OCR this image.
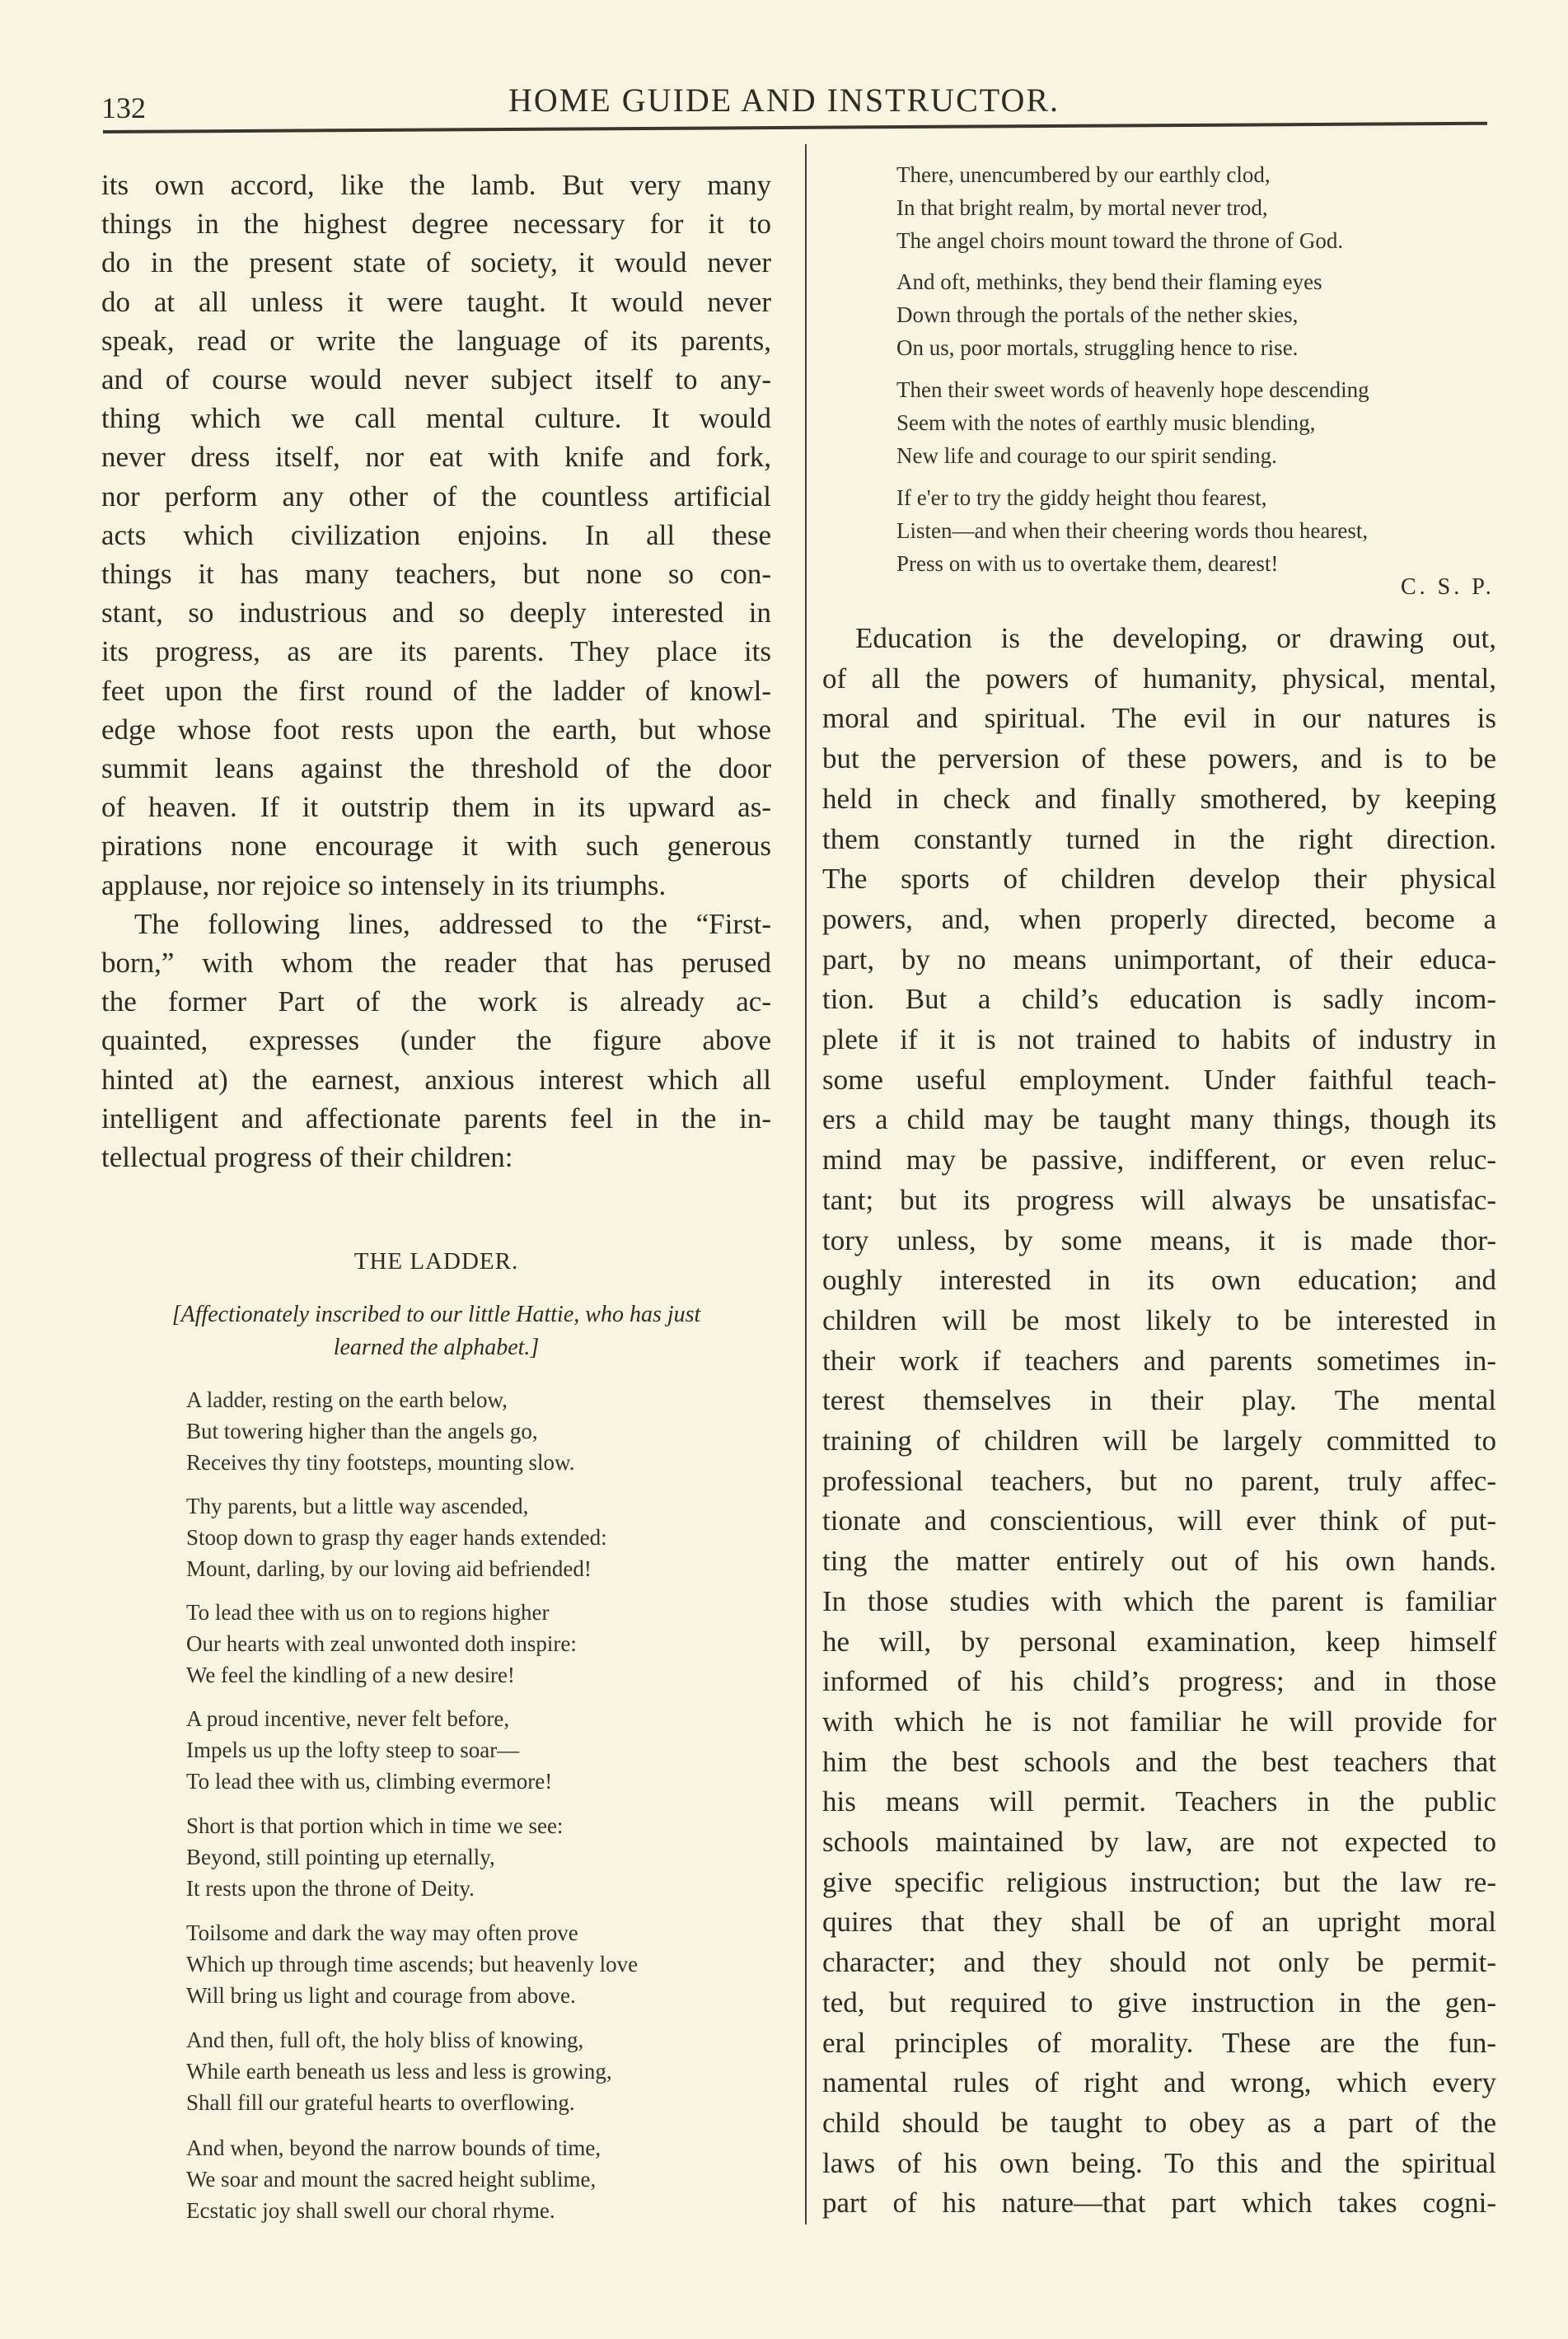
132	HOME GUIDE AND INSTRUCTOR.
its own accord, like the lamb. But very many
things in the highest degree necessary for it to
do in the present state of society, it would never
do at all unless it were taught. It would never
speak, read or write the language of its parents,
and of course would never subject itself to any-
thing which we call mental culture. It would
never dress itself, nor eat with knife and fork,
nor perform any other of the countless artificial
acts which civilization enjoins. In all these
things it has many teachers, but none so con-
stant, so industrious and so deeply interested in
its progress, as are its parents. They place its
feet upon the first round of the ladder of knowl-
edge whose foot rests upon the earth, but whose
summit leans against the threshold of the door
of heaven. If it outstrip them in its upward as-
pirations none encourage it with such generous
applause, nor rejoice so intensely in its triumphs.
The following lines, addressed to the “First-
born,” with whom the reader that has perused
the former Part of the work is already ac-
quainted, expresses (under the figure above
hinted at) the earnest, anxious interest which all
intelligent and affectionate parents feel in the in-
tellectual progress of their children:
THE LADDER.
[Affectionately inscribed to our little Hattie, who has just
learned the alphabet.]
A ladder, resting on the earth below,
But towering higher than the angels go,
Receives thy tiny footsteps, mounting slow.
Thy parents, but a little way ascended,
Stoop down to grasp thy eager hands extended:
Mount, darling, by our loving aid befriended!
To lead thee with us on to regions higher
Our hearts with zeal unwonted doth inspire:
We feel the kindling of a new desire!
A proud incentive, never felt before,
Impels us up the lofty steep to soar—
To lead thee with us, climbing evermore!
Short is that portion which in time we see:
Beyond, still pointing up eternally,
It rests upon the throne of Deity.
Toilsome and dark the way may often prove
Which up through time ascends; but heavenly love
Will bring us light and courage from above.
And then, full oft, the holy bliss of knowing,
While earth beneath us less and less is growing,
Shall fill our grateful hearts to overflowing.
And when, beyond the narrow bounds of time,
We soar and mount the sacred height sublime,
Ecstatic joy shall swell our choral rhyme.
There, unencumbered by our earthly clod,
In that bright realm, by mortal never trod,
The angel choirs mount toward the throne of God.
And oft, methinks, they bend their flaming eyes
Down through the portals of the nether skies,
On us, poor mortals, struggling hence to rise.
Then their sweet words of heavenly hope descending
Seem with the notes of earthly music blending,
New life and courage to our spirit sending.
If e'er to try the giddy height thou fearest,
Listen—and when their cheering words thou hearest,
Press on with us to overtake them, dearest!
C. S. P.
Education is the developing, or drawing out,
of all the powers of humanity, physical, mental,
moral and spiritual. The evil in our natures is
but the perversion of these powers, and is to be
held in check and finally smothered, by keeping
them constantly turned in the right direction.
The sports of children develop their physical
powers, and, when properly directed, become a
part, by no means unimportant, of their educa-
tion. But a child’s education is sadly incom-
plete if it is not trained to habits of industry in
some useful employment. Under faithful teach-
ers a child may be taught many things, though its
mind may be passive, indifferent, or even reluc-
tant; but its progress will always be unsatisfac-
tory unless, by some means, it is made thor-
oughly interested in its own education; and
children will be most likely to be interested in
their work if teachers and parents sometimes in-
terest themselves in their play. The mental
training of children will be largely committed to
professional teachers, but no parent, truly affec-
tionate and conscientious, will ever think of put-
ting the matter entirely out of his own hands.
In those studies with which the parent is familiar
he will, by personal examination, keep himself
informed of his child’s progress; and in those
with which he is not familiar he will provide for
him the best schools and the best teachers that
his means will permit. Teachers in the public
schools maintained by law, are not expected to
give specific religious instruction; but the law re-
quires that they shall be of an upright moral
character; and they should not only be permit-
ted, but required to give instruction in the gen-
eral principles of morality. These are the fun-
namental rules of right and wrong, which every
child should be taught to obey as a part of the
laws of his own being. To this and the spiritual
part of his nature—that part which takes cogni-
